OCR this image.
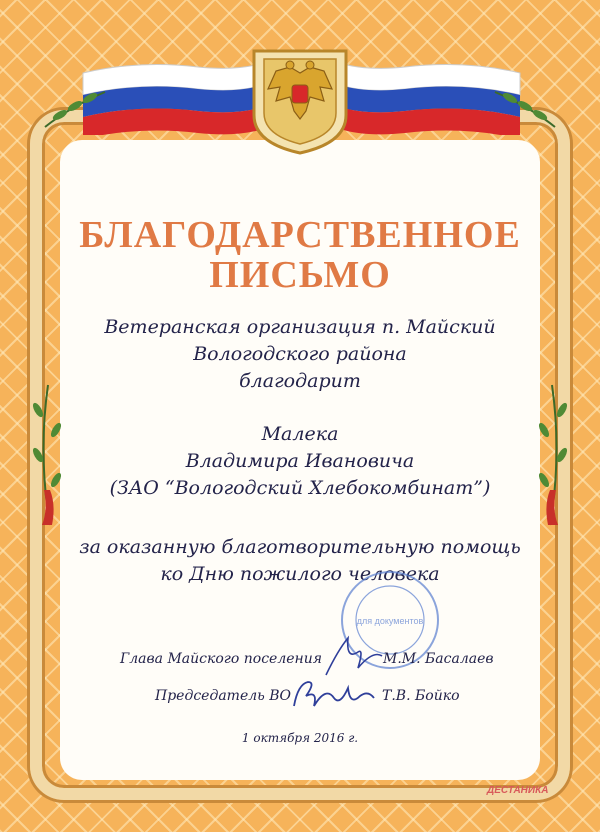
БЛАГОДАРСТВЕННОЕ
ПИСЬМО
Ветеранская организация п. Майский
Вологодского района
благодарит
Малека
Владимира Ивановича
(ЗАО “Вологодский Хлебокомбинат”)
за оказанную благотворительную помощь
ко Дню пожилого человека
для документов
Глава Майского поселения	М.М. Басалаев
Председатель ВО	Т.В. Бойко
1 октября 2016 г.
ДЕСТАНИКА
